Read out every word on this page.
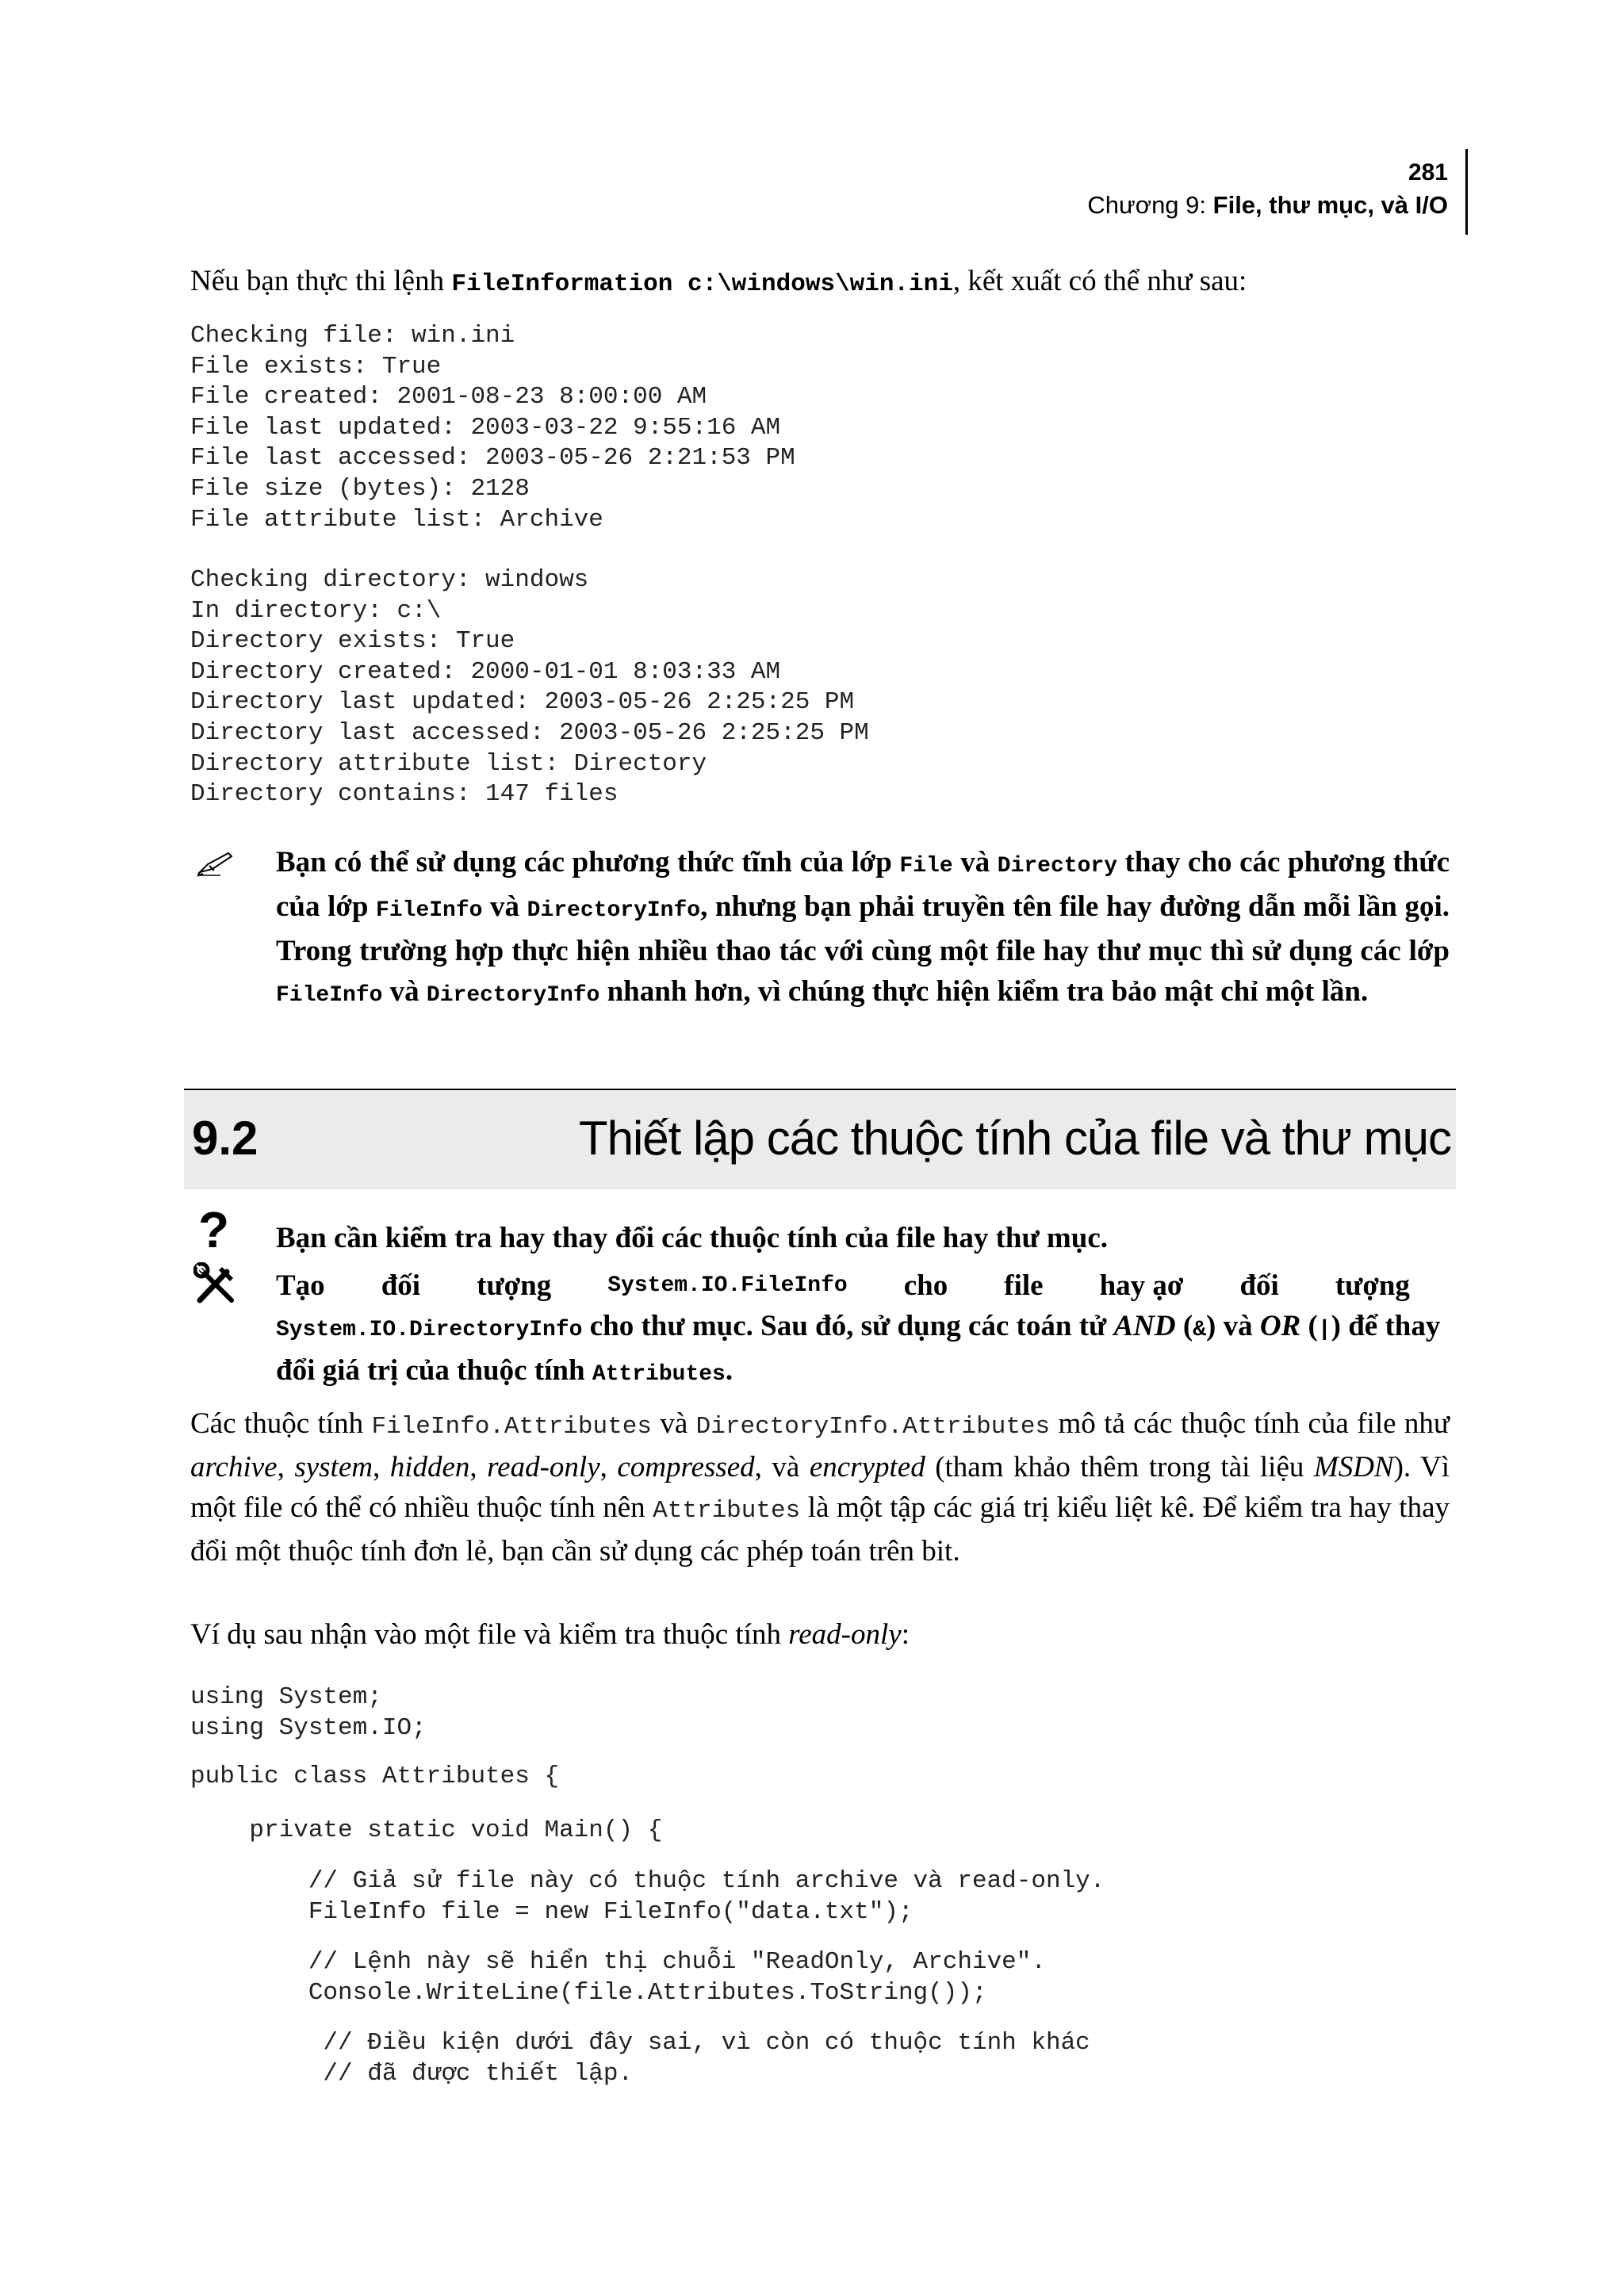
281
Chương 9: File, thư mục, và I/O
Nếu bạn thực thi lệnh FileInformation c:\windows\win.ini, kết xuất có thể như sau:
Checking file: win.ini
File exists: True
File created: 2001-08-23 8:00:00 AM
File last updated: 2003-03-22 9:55:16 AM
File last accessed: 2003-05-26 2:21:53 PM
File size (bytes): 2128
File attribute list: Archive
Checking directory: windows
In directory: c:\
Directory exists: True
Directory created: 2000-01-01 8:03:33 AM
Directory last updated: 2003-05-26 2:25:25 PM
Directory last accessed: 2003-05-26 2:25:25 PM
Directory attribute list: Directory
Directory contains: 147 files
Bạn có thể sử dụng các phương thức tĩnh của lớp File và Directory thay cho các phương thức của lớp FileInfo và DirectoryInfo, nhưng bạn phải truyền tên file hay đường dẫn mỗi lần gọi. Trong trường hợp thực hiện nhiều thao tác với cùng một file hay thư mục thì sử dụng các lớp FileInfo và DirectoryInfo nhanh hơn, vì chúng thực hiện kiểm tra bảo mật chỉ một lần.
9.2	Thiết lập các thuộc tính của file và thư mục
? Bạn cần kiểm tra hay thay đổi các thuộc tính của file hay thư mục.
Tạo đối tượng	System.IO.FileInfo cho file hay ạơ đối tượng
System.IO.DirectoryInfo cho thư mục. Sau đó, sử dụng các toán tử AND (&) và OR (|) để thay đổi giá trị của thuộc tính Attributes.
Các thuộc tính FileInfo.Attributes và DirectoryInfo.Attributes mô tả các thuộc tính của file như archive, system, hidden, read-only, compressed, và encrypted (tham khảo thêm trong tài liệu MSDN). Vì một file có thể có nhiều thuộc tính nên Attributes là một tập các giá trị kiểu liệt kê. Để kiểm tra hay thay đổi một thuộc tính đơn lẻ, bạn cần sử dụng các phép toán trên bit.
Ví dụ sau nhận vào một file và kiểm tra thuộc tính read-only:
using System;
using System.IO;
public class Attributes {
private static void Main() {
// Giả sử file này có thuộc tính archive và read-only.
FileInfo file = new FileInfo("data.txt");
// Lệnh này sẽ hiển thị chuỗi "ReadOnly, Archive".
Console.WriteLine(file.Attributes.ToString());
// Điều kiện dưới đây sai, vì còn có thuộc tính khác
// đã được thiết lập.
